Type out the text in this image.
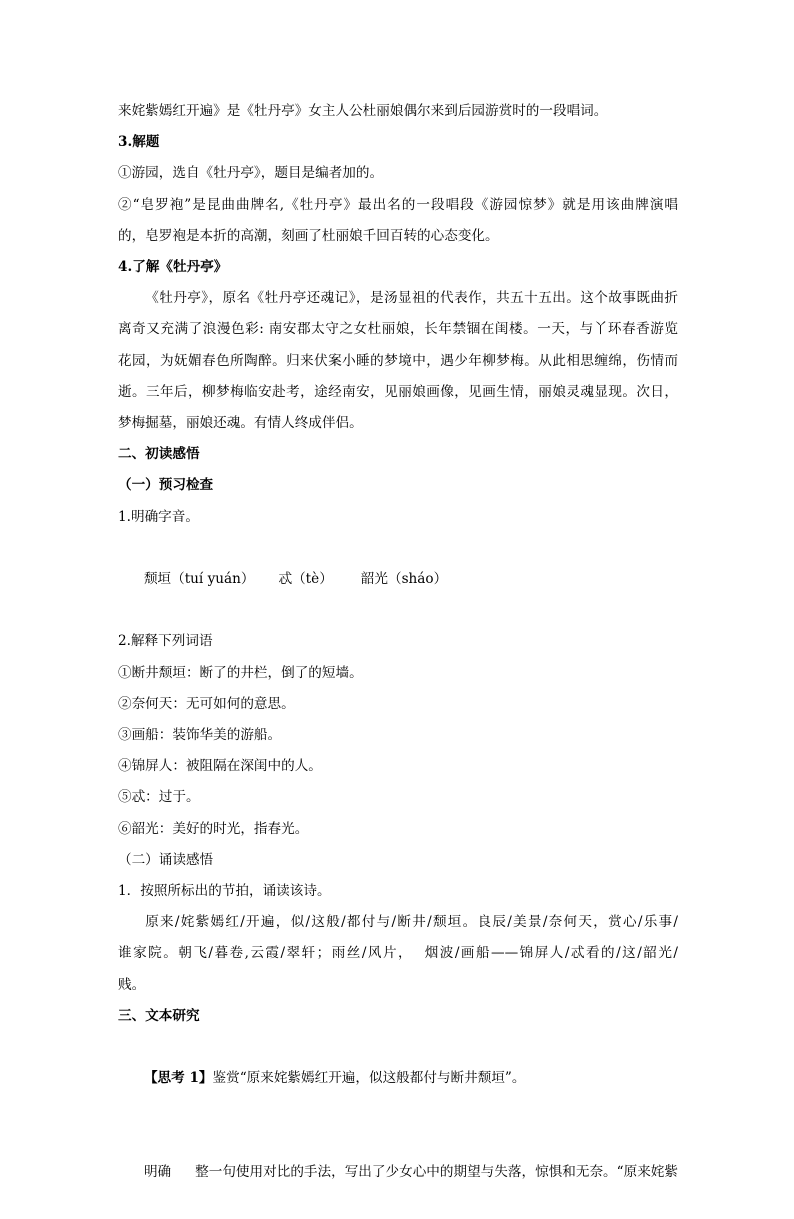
来姹紫嫣红开遍》是《牡丹亭》女主人公杜丽娘偶尔来到后园游赏时的一段唱词。
3.解题
①游园，选自《牡丹亭》，题目是编者加的。
②“皂罗袍”是昆曲曲牌名,《牡丹亭》最出名的一段唱段《游园惊梦》就是用该曲牌演唱
的，皂罗袍是本折的高潮，刻画了杜丽娘千回百转的心态变化。
4.了解《牡丹亭》
《牡丹亭》，原名《牡丹亭还魂记》，是汤显祖的代表作，共五十五出。这个故事既曲折
离奇又充满了浪漫色彩: 南安郡太守之女杜丽娘，长年禁锢在闺楼。一天，与丫环春香游览
花园，为妩媚春色所陶醉。归来伏案小睡的梦境中，遇少年柳梦梅。从此相思缠绵，伤情而
逝。三年后，柳梦梅临安赴考，途经南安，见丽娘画像，见画生情，丽娘灵魂显现。次日，
梦梅掘墓，丽娘还魂。有情人终成伴侣。
二、初读感悟
（一）预习检查
1.明确字音。

颓垣（tuí yuán） 忒（tè） 韶光（sháo）

2.解释下列词语
①断井颓垣：断了的井栏，倒了的短墙。
②奈何天：无可如何的意思。
③画船：装饰华美的游船。
④锦屏人：被阻隔在深闺中的人。
⑤忒：过于。
⑥韶光：美好的时光，指春光。
（二）诵读感悟
1．按照所标出的节拍，诵读该诗。
原来/姹紫嫣红/开遍，似/这般/都付与/断井/颓垣。良辰/美景/奈何天，赏心/乐事/
谁家院。朝飞/暮卷,云霞/翠轩；雨丝/风片，  烟波/画船——锦屏人/忒看的/这/韶光/
贱。
三、文本研究

【思考 1】鉴赏“原来姹紫嫣红开遍，似这般都付与断井颓垣”。

明确 整一句使用对比的手法，写出了少女心中的期望与失落，惊惧和无奈。“原来姹紫
